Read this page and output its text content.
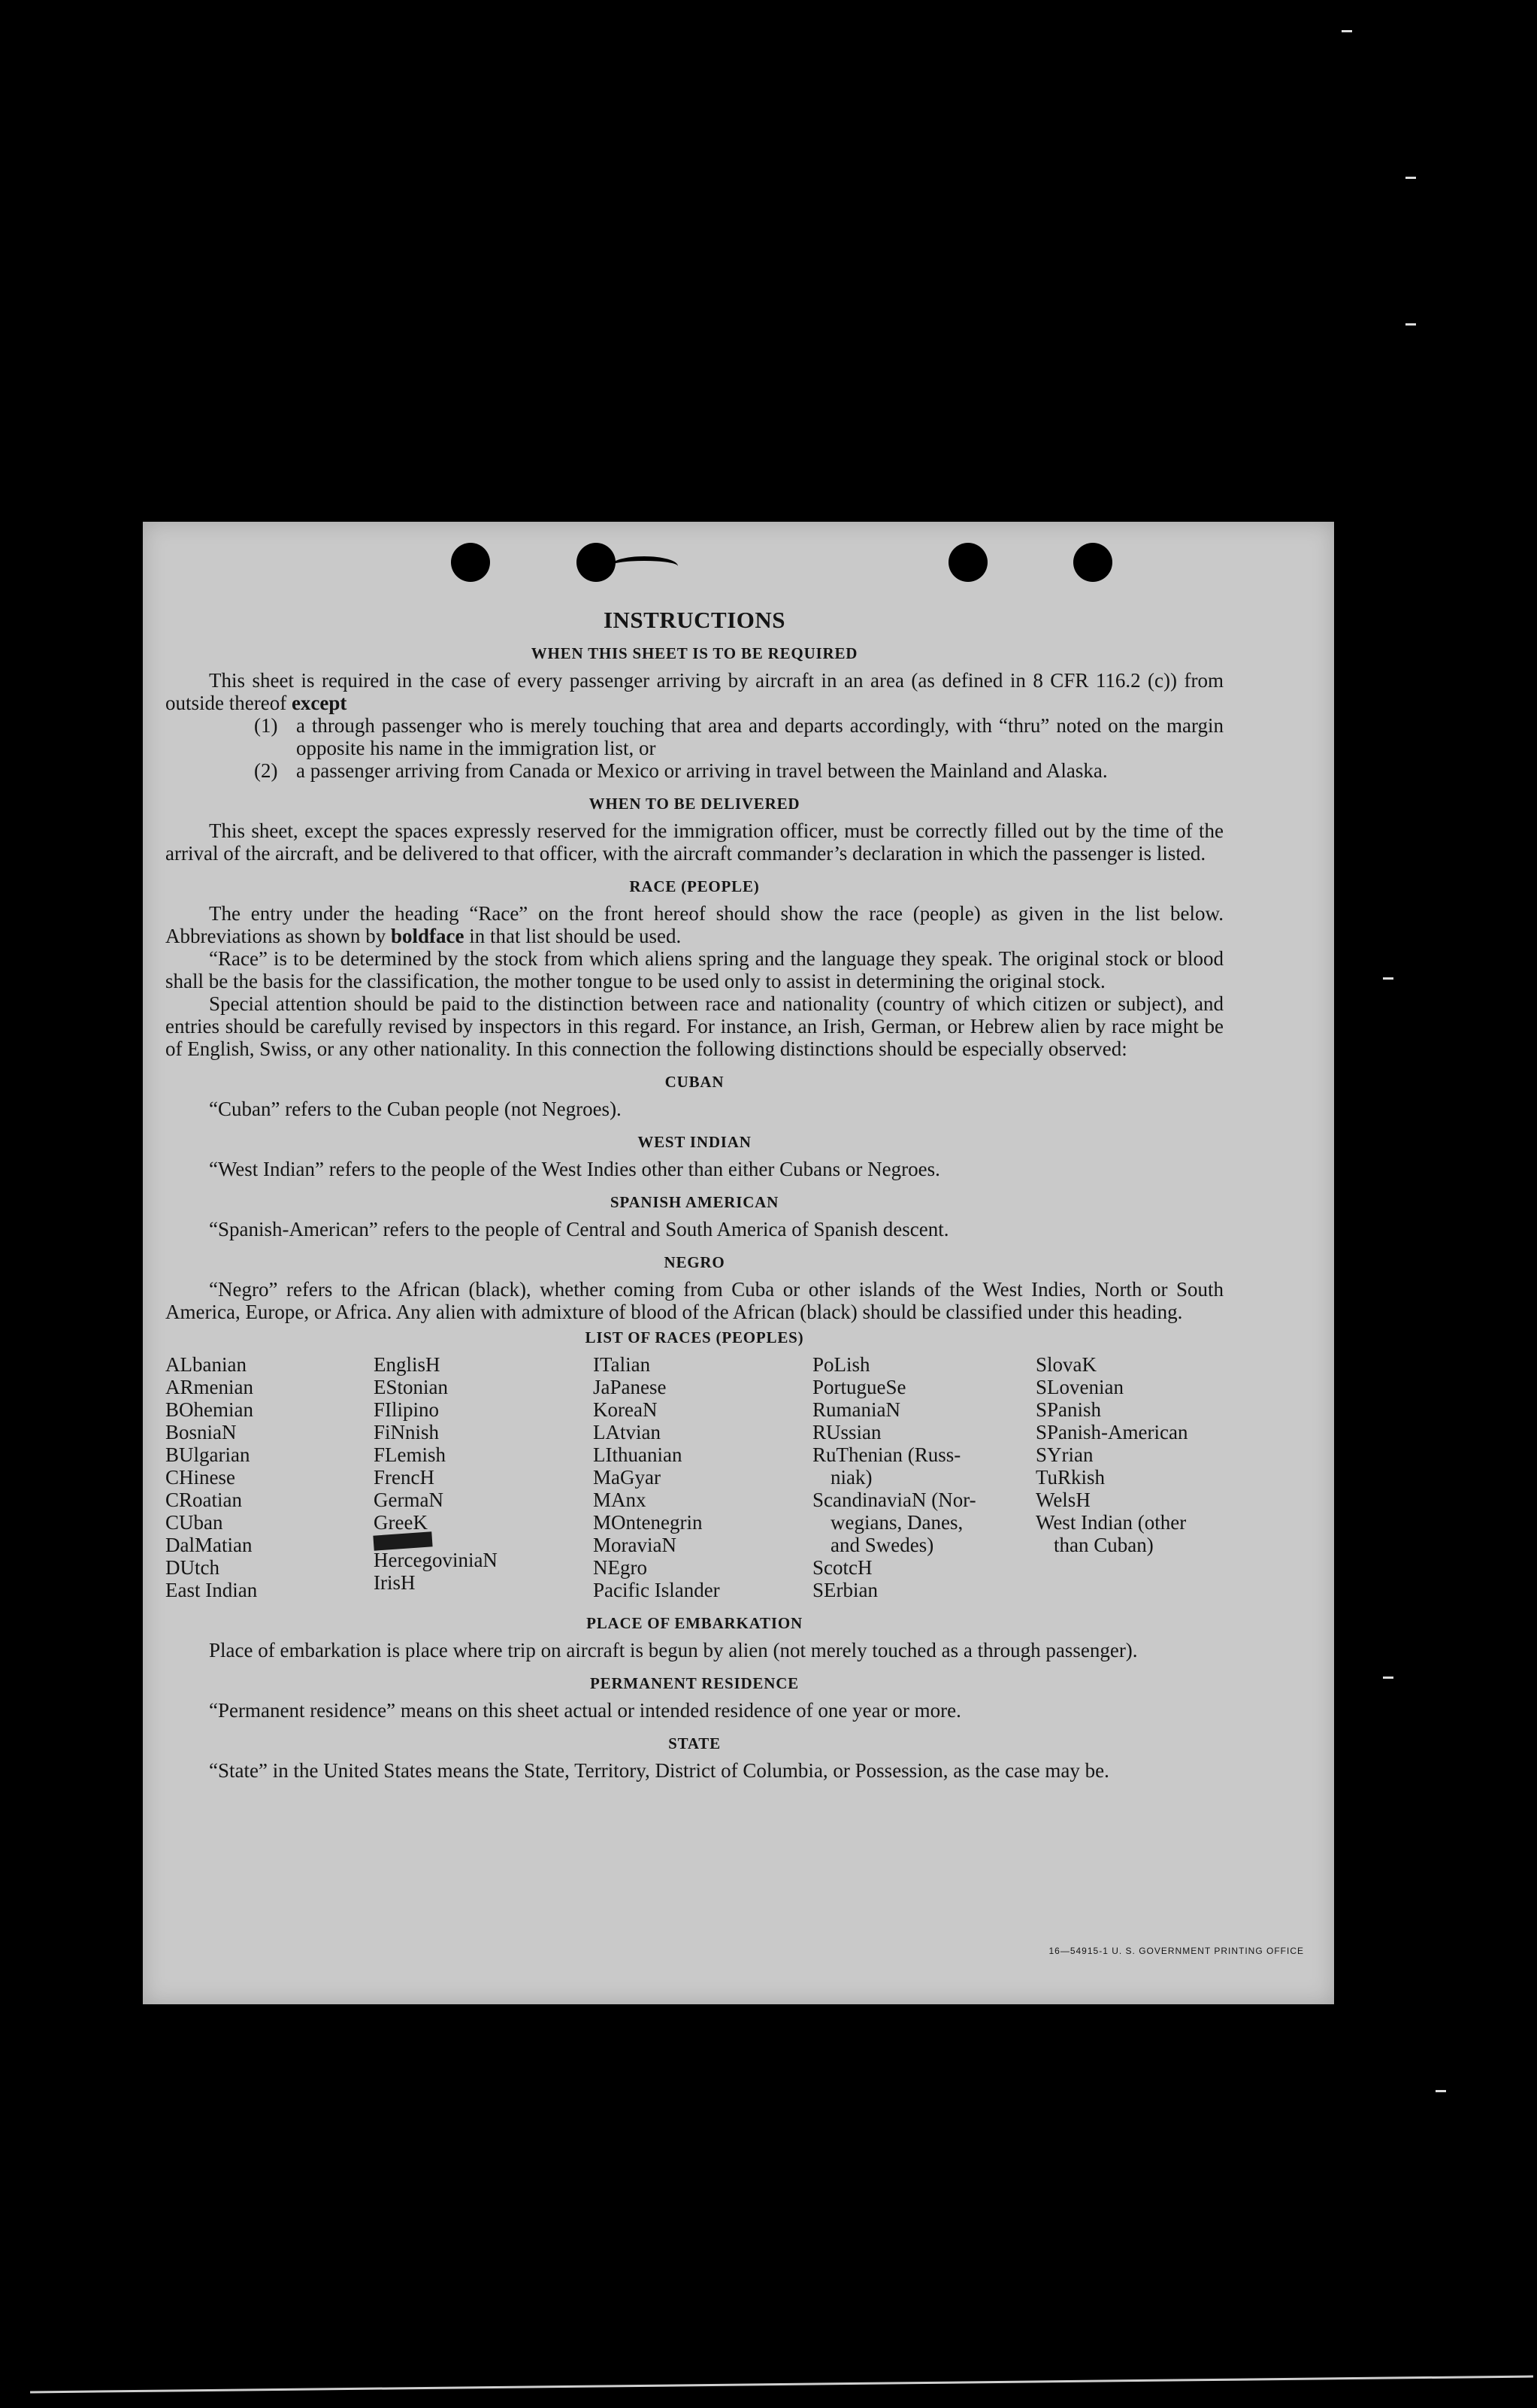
INSTRUCTIONS
WHEN THIS SHEET IS TO BE REQUIRED

This sheet is required in the case of every passenger arriving by aircraft in an area (as defined in 8 CFR 116.2 (c)) from outside thereof except

(1) a through passenger who is merely touching that area and departs accordingly, with “thru” noted on the margin opposite his name in the immigration list, or
(2) a passenger arriving from Canada or Mexico or arriving in travel between the Mainland and Alaska.
WHEN TO BE DELIVERED

This sheet, except the spaces expressly reserved for the immigration officer, must be correctly filled out by the time of the arrival of the aircraft, and be delivered to that officer, with the aircraft commander’s declaration in which the passenger is listed.

RACE (PEOPLE)

The entry under the heading “Race” on the front hereof should show the race (people) as given in the list below. Abbreviations as shown by boldface in that list should be used.

“Race” is to be determined by the stock from which aliens spring and the language they speak. The original stock or blood shall be the basis for the classification, the mother tongue to be used only to assist in determining the original stock.

Special attention should be paid to the distinction between race and nationality (country of which citizen or subject), and entries should be carefully revised by inspectors in this regard. For instance, an Irish, German, or Hebrew alien by race might be of English, Swiss, or any other nationality. In this connection the following distinctions should be especially observed:

CUBAN

“Cuban” refers to the Cuban people (not Negroes).

WEST INDIAN

“West Indian” refers to the people of the West Indies other than either Cubans or Negroes.

SPANISH AMERICAN

“Spanish-American” refers to the people of Central and South America of Spanish descent.

NEGRO

“Negro” refers to the African (black), whether coming from Cuba or other islands of the West Indies, North or South America, Europe, or Africa. Any alien with admixture of blood of the African (black) should be classified under this heading.

LIST OF RACES (PEOPLES)
ALbanian
ARmenian
BOhemian
BosniaN
BUlgarian
CHinese
CRoatian
CUban
DalMatian
DUtch
East Indian
EnglisH
EStonian
FIlipino
FiNnish
FLemish
FrencH
GermaN
GreeK
HercegoviniaN
IrisH
ITalian
JaPanese
KoreaN
LAtvian
LIthuanian
MaGyar
MAnx
MOntenegrin
MoraviaN
NEgro
Pacific Islander
PoLish
PortugueSe
RumaniaN
RUssian
RuThenian (Russ-
niak)
ScandinaviaN (Nor-
wegians, Danes,
and Swedes)
ScotcH
SErbian
SlovaK
SLovenian
SPanish
SPanish-American
SYrian
TuRkish
WelsH
West Indian (other
than Cuban)
PLACE OF EMBARKATION

Place of embarkation is place where trip on aircraft is begun by alien (not merely touched as a through passenger).

PERMANENT RESIDENCE

“Permanent residence” means on this sheet actual or intended residence of one year or more.

STATE

“State” in the United States means the State, Territory, District of Columbia, or Possession, as the case may be.

16—54915-1 U. S. GOVERNMENT PRINTING OFFICE
